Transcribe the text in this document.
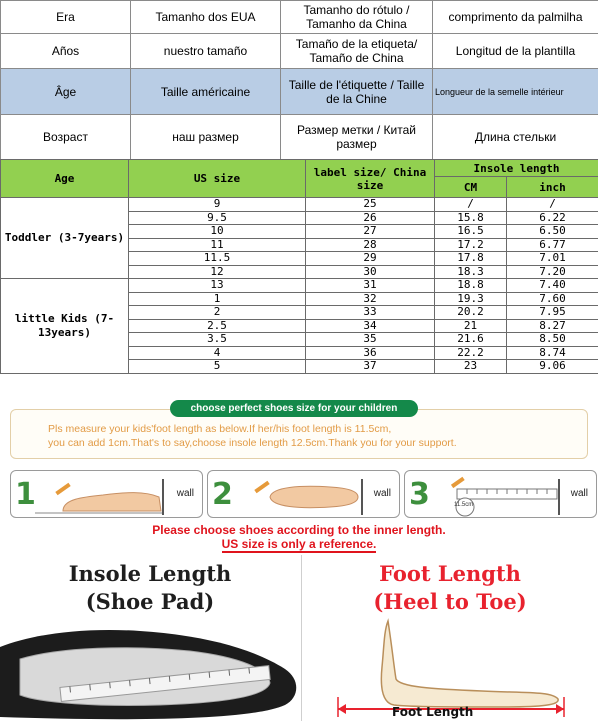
Era	Tamanho dos EUA	Tamanho do rótulo / Tamanho da China	comprimento da palmilha
Años	nuestro tamaño	Tamaño de la etiqueta/ Tamaño de China	Longitud de la plantilla
Âge	Taille américaine	Taille de l'étiquette / Taille de la Chine	Longueur de la semelle intérieur
Возраст	наш размер	Размер метки / Китай размер	Длина стельки
Age	US size	label size/ China size	Insole length	
			CM	inch
Toddler (3-7years)	9	25	/	/
	9.5	26	15.8	6.22
	10	27	16.5	6.50
	11	28	17.2	6.77
	11.5	29	17.8	7.01
	12	30	18.3	7.20
little Kids (7-13years)	13	31	18.8	7.40
	1	32	19.3	7.60
	2	33	20.2	7.95
	2.5	34	21	8.27
	3.5	35	21.6	8.50
	4	36	22.2	8.74
	5	37	23	9.06
choose perfect shoes size for your children
Pls measure your kids'foot length as below.If her/his foot length is 11.5cm,
you can add 1cm.That's to say,choose insole length 12.5cm.Thank you for your support.
1	wall 2	wall 3	11.5cm
wall
Please choose shoes according to the inner length.
US size is only a reference.
Insole Length
(Shoe Pad)
Foot Length
(Heel to Toe)
Foot Length
